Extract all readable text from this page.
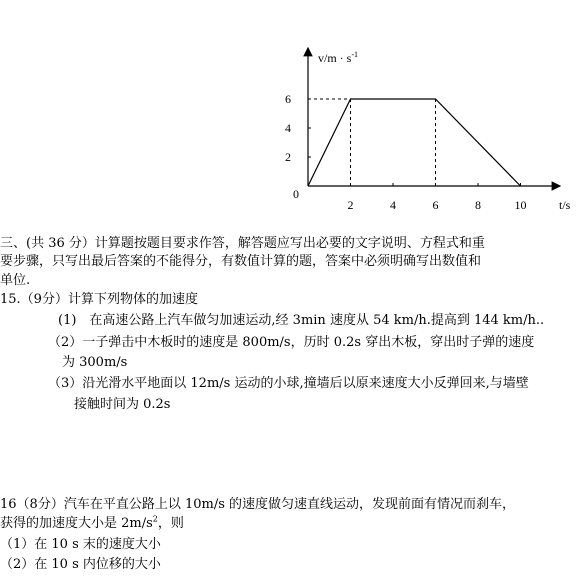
2	4	6	8	10
2
4
6
$v/m \cdot s^{-1}$
t/s
0
三、(共 36 分）计算题按题目要求作答，解答题应写出必要的文字说明、方程式和重
要步骤，只写出最后答案的不能得分，有数值计算的题，答案中必须明确写出数值和
单位.
15.（9分）计算下列物体的加速度
(1)　在高速公路上汽车做匀加速运动,经 3min 速度从 54 km/h.提高到 144 km/h..
（2）一子弹击中木板时的速度是 800m/s，历时 0.2s 穿出木板，穿出时子弹的速度
为 300m/s
（3）沿光滑水平地面以 12m/s 运动的小球,撞墙后以原来速度大小反弹回来,与墙壁
接触时间为 0.2s
16（8分）汽车在平直公路上以 10m/s 的速度做匀速直线运动，发现前面有情况而刹车，
获得的加速度大小是 $2m/s^2$，则
（1）在 10 s 末的速度大小
（2）在 10 s 内位移的大小
